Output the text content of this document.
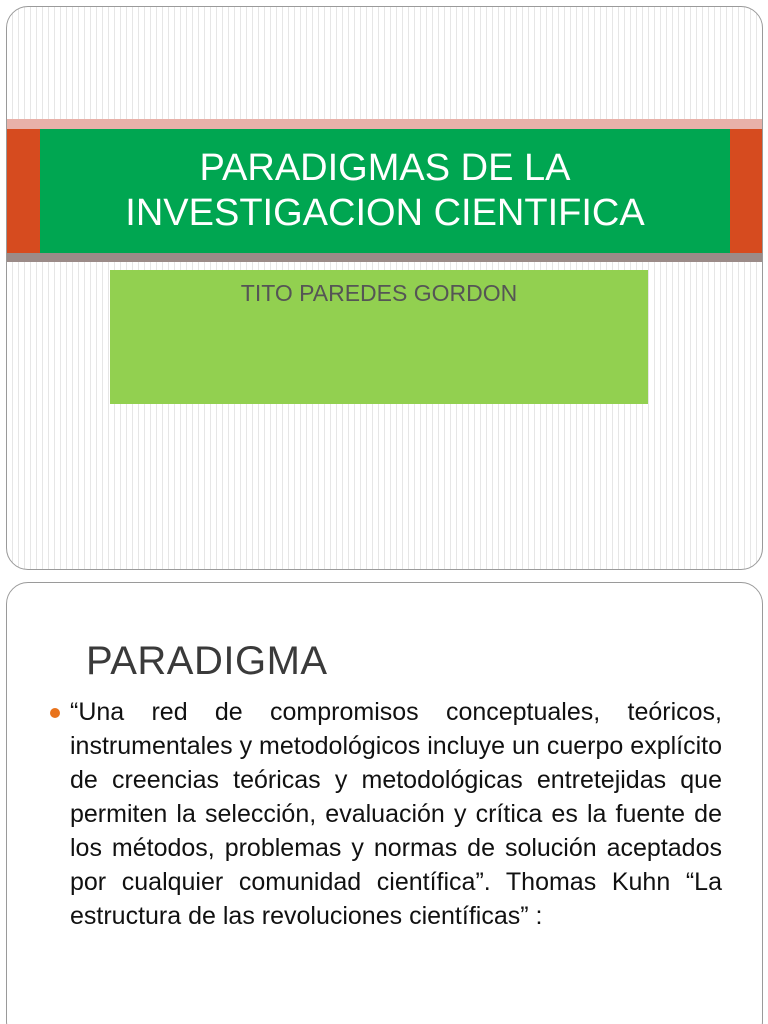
PARADIGMAS DE LA
INVESTIGACION CIENTIFICA
TITO PAREDES GORDON
PARADIGMA
“Una red de compromisos conceptuales, teóricos, instrumentales y metodológicos incluye un cuerpo explícito de creencias teóricas y metodológicas entretejidas que permiten la selección, evaluación y crítica es la fuente de los métodos, problemas y normas de solución aceptados por cualquier comunidad científica”. Thomas Kuhn “La estructura de las revoluciones científicas” :
